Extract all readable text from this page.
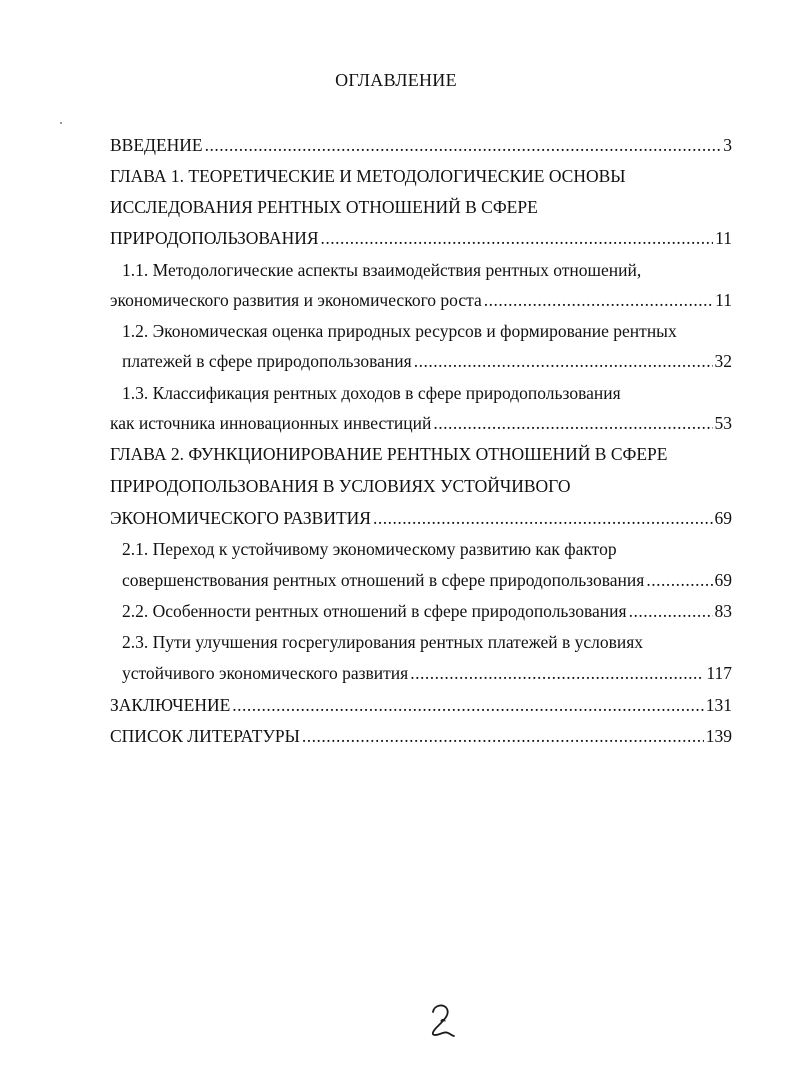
ОГЛАВЛЕНИЕ
ВВЕДЕНИЕ .....	3
ГЛАВА 1. ТЕОРЕТИЧЕСКИЕ И МЕТОДОЛОГИЧЕСКИЕ ОСНОВЫ
ИССЛЕДОВАНИЯ РЕНТНЫХ ОТНОШЕНИЙ В СФЕРЕ
ПРИРОДОПОЛЬЗОВАНИЯ .....	11
1.1. Методологические аспекты взаимодействия рентных отношений,
экономического развития и экономического роста .....	11
1.2. Экономическая оценка природных ресурсов и формирование рентных
платежей в сфере природопользования .....	32
1.3. Классификация рентных доходов в сфере природопользования
как источника инновационных инвестиций .....	53
ГЛАВА 2. ФУНКЦИОНИРОВАНИЕ РЕНТНЫХ ОТНОШЕНИЙ В СФЕРЕ
ПРИРОДОПОЛЬЗОВАНИЯ В УСЛОВИЯХ УСТОЙЧИВОГО
ЭКОНОМИЧЕСКОГО РАЗВИТИЯ .....	69
2.1. Переход к устойчивому экономическому развитию как фактор
совершенствования рентных отношений в сфере природопользования .....	69
2.2. Особенности рентных отношений в сфере природопользования .....	83
2.3. Пути улучшения госрегулирования рентных платежей в условиях
устойчивого экономического развития .....	117
ЗАКЛЮЧЕНИЕ .....	131
СПИСОК ЛИТЕРАТУРЫ .....	139
